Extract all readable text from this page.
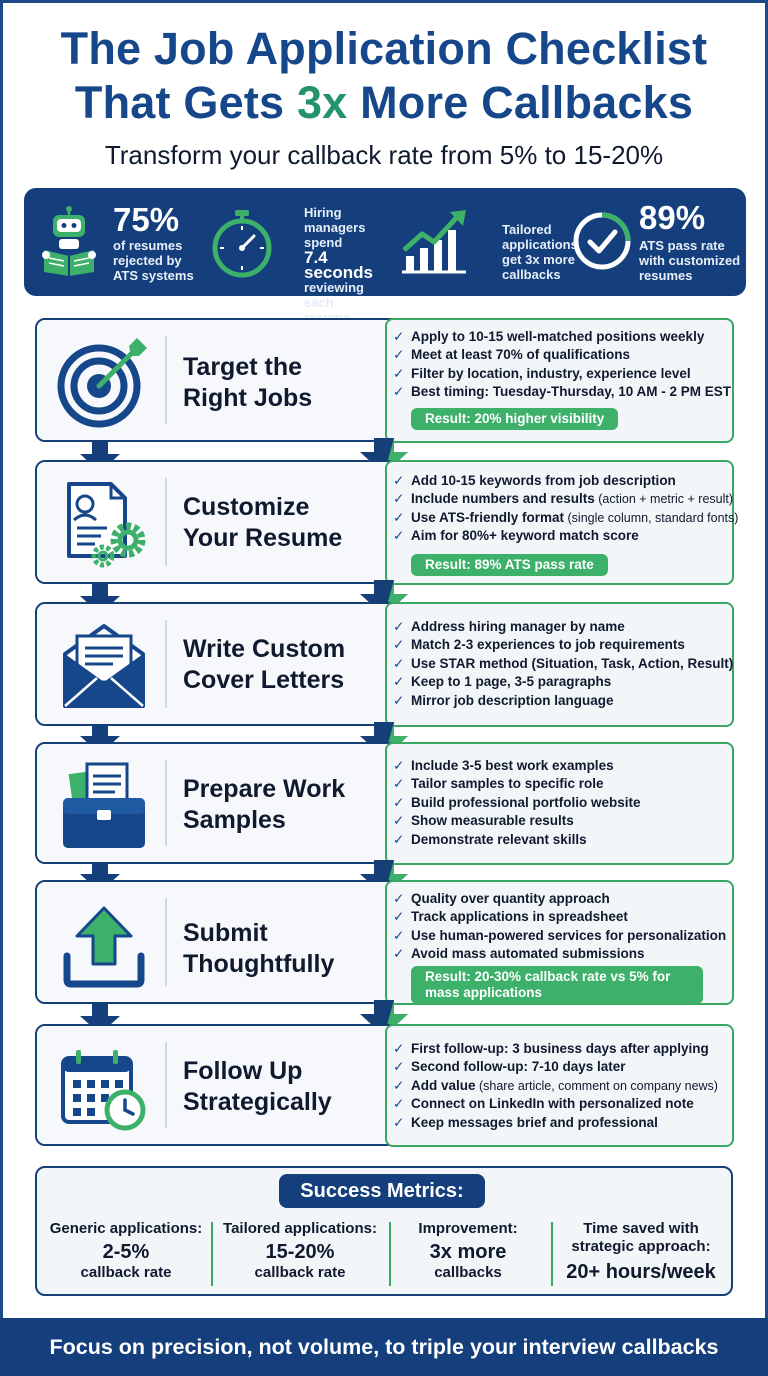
The Job Application Checklist
That Gets 3x More Callbacks
Transform your callback rate from 5% to 15-20%
75%
of resumes
rejected by
ATS systems
Hiring managers
spend
7.4 seconds
reviewing each
Tailored
applications
get 3x more
callbacks
89%
ATS pass rate
with customized
resumes
Target the
Right Jobs
✓ Apply to 10-15 well-matched positions weekly
✓ Meet at least 70% of qualifications
✓ Filter by location, industry, experience level
✓ Best timing: Tuesday-Thursday, 10 AM - 2 PM EST
Result: 20% higher visibility
Customize
Your Resume
✓ Add 10-15 keywords from job description
✓ Include numbers and results (action + metric + result)
✓ Use ATS-friendly format (single column, standard fonts)
✓ Aim for 80%+ keyword match score
Result: 89% ATS pass rate
Write Custom
Cover Letters
✓ Address hiring manager by name
✓ Match 2-3 experiences to job requirements
✓ Use STAR method (Situation, Task, Action, Result)
✓ Keep to 1 page, 3-5 paragraphs
✓ Mirror job description language
Prepare Work
Samples
✓ Include 3-5 best work examples
✓ Tailor samples to specific role
✓ Build professional portfolio website
✓ Show measurable results
✓ Demonstrate relevant skills
Submit
Thoughtfully
✓ Quality over quantity approach
✓ Track applications in spreadsheet
✓ Use human-powered services for personalization
✓ Avoid mass automated submissions
Result: 20-30% callback rate vs 5% for
mass applications
Follow Up
Strategically
✓ First follow-up: 3 business days after applying
✓ Second follow-up: 7-10 days later
✓ Add value (share article, comment on company news)
✓ Connect on LinkedIn with personalized note
✓ Keep messages brief and professional
Success Metrics:
Generic applications:
2-5%
callback rate
Tailored applications:
15-20%
callback rate
Improvement:
3x more
callbacks
Time saved with
strategic approach:
20+ hours/week
Focus on precision, not volume, to triple your interview callbacks
